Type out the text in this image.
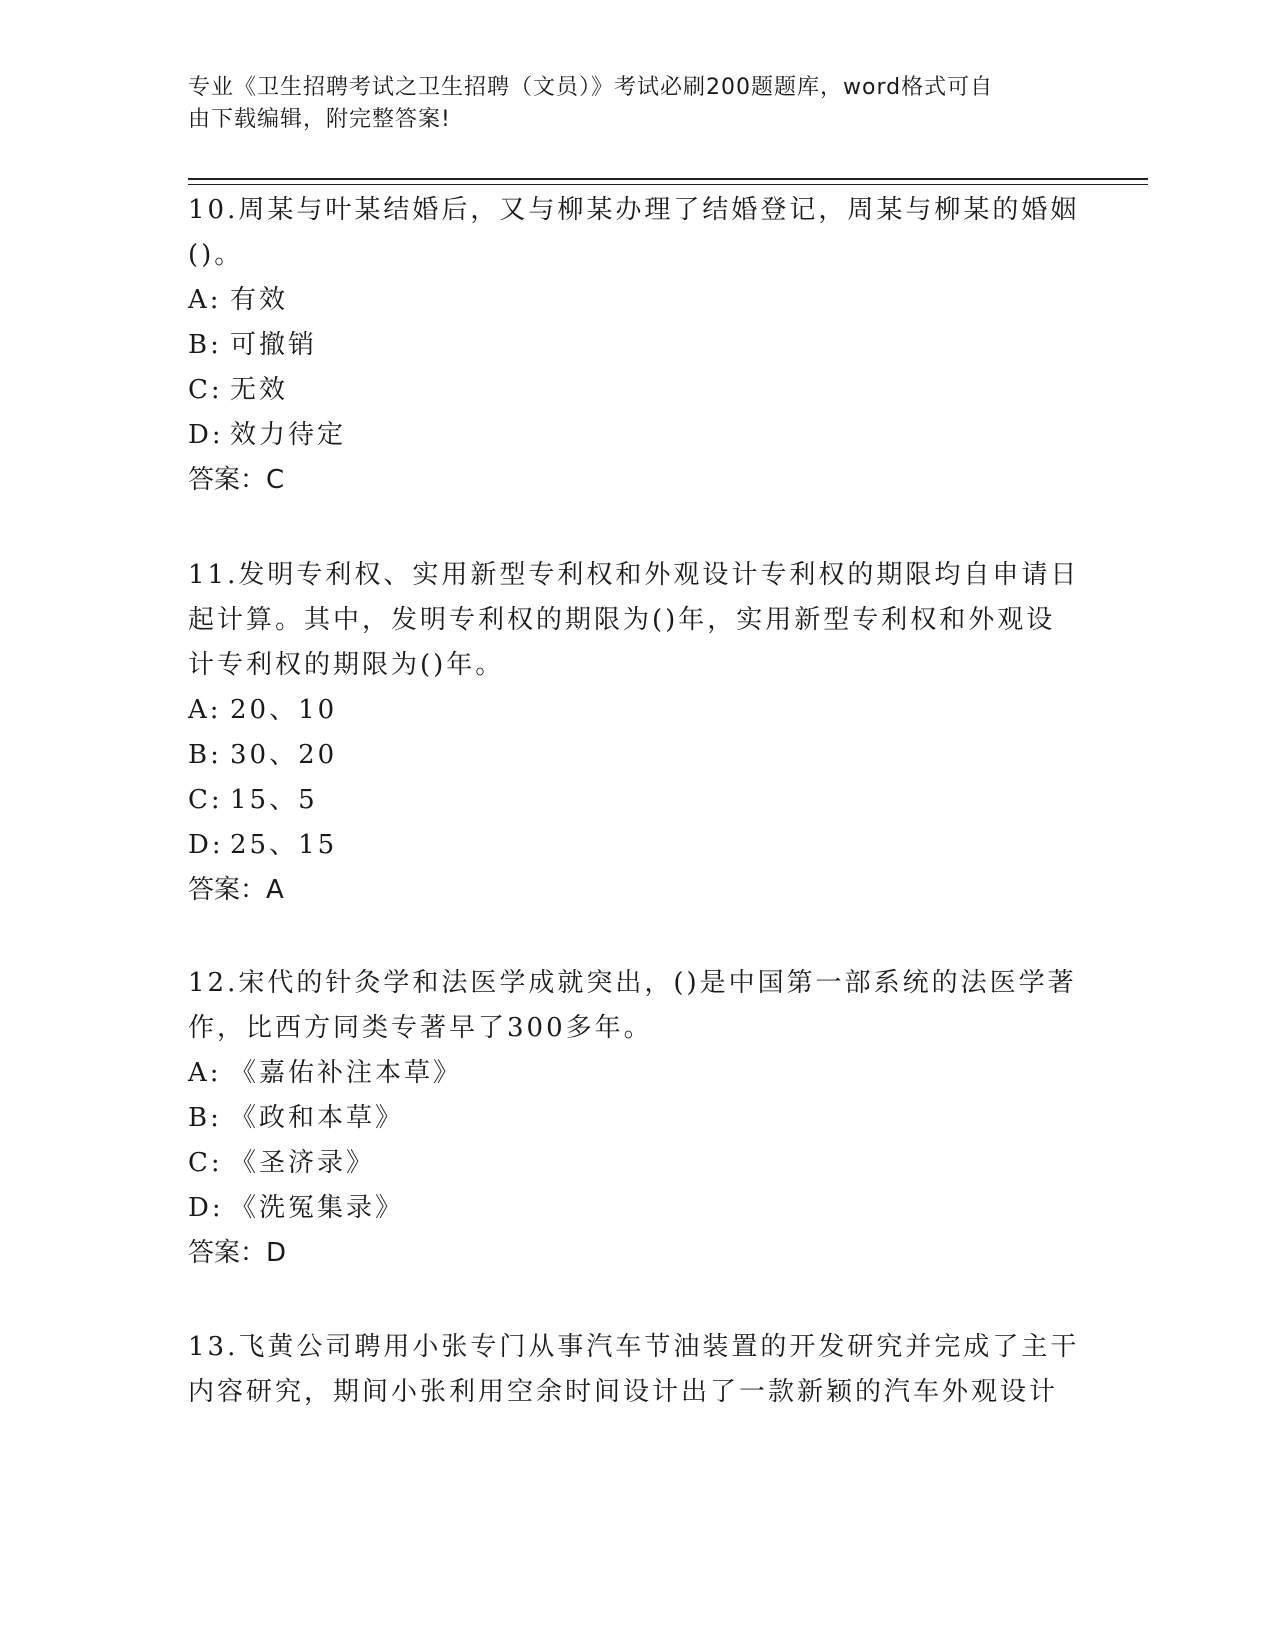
专业《卫生招聘考试之卫生招聘（文员）》考试必刷200题题库，word格式可自
由下载编辑，附完整答案!

10.周某与叶某结婚后，又与柳某办理了结婚登记，周某与柳某的婚姻

()。

A: 有效
B: 可撤销
C: 无效
D: 效力待定

答案：C

11.发明专利权、实用新型专利权和外观设计专利权的期限均自申请日

起计算。其中，发明专利权的期限为()年，实用新型专利权和外观设

计专利权的期限为()年。

A: 20、10
B: 30、20
C: 15、5
D: 25、15

答案：A

12.宋代的针灸学和法医学成就突出，()是中国第一部系统的法医学著

作，比西方同类专著早了300多年。

A: 《嘉佑补注本草》
B: 《政和本草》
C: 《圣济录》
D: 《洗冤集录》

答案：D

13.飞黄公司聘用小张专门从事汽车节油装置的开发研究并完成了主干

内容研究，期间小张利用空余时间设计出了一款新颖的汽车外观设计
